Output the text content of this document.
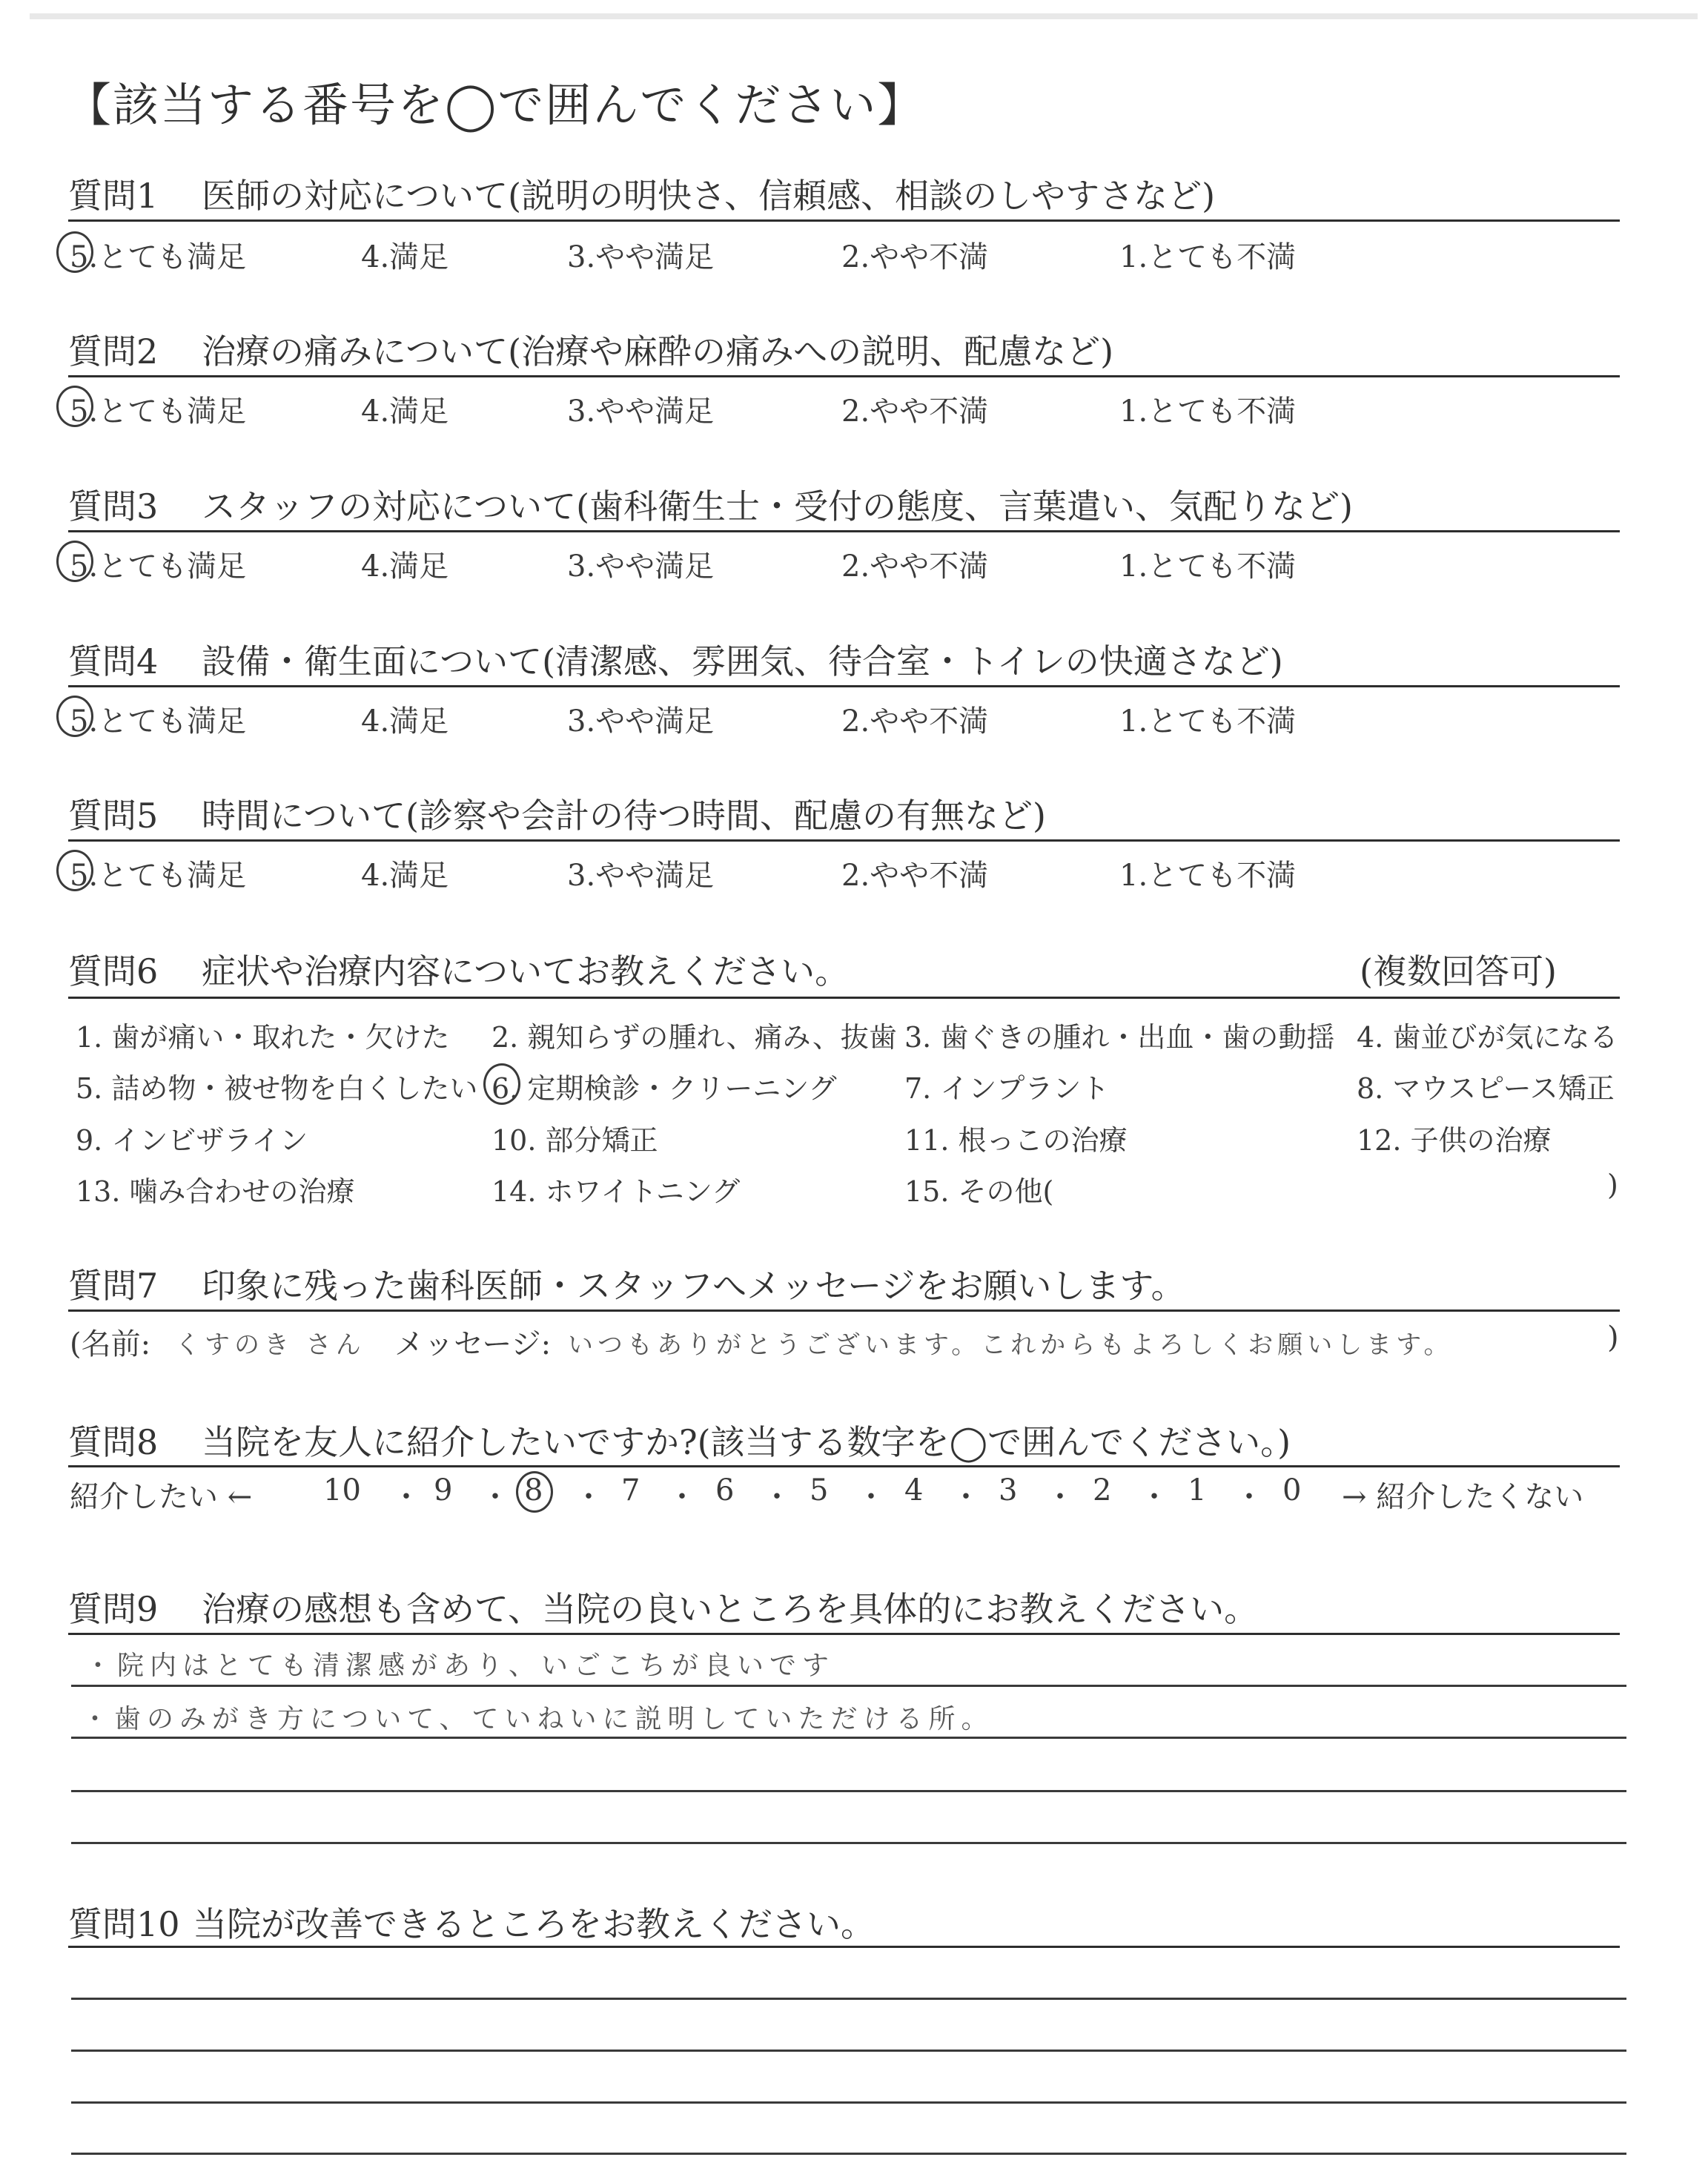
【該当する番号を◯で囲んでください】
質問1 医師の対応について(説明の明快さ、信頼感、相談のしやすさなど)
5.とても満足	4.満足	3.やや満足	2.やや不満	1.とても不満
質問2 治療の痛みについて(治療や麻酔の痛みへの説明、配慮など)
5.とても満足	4.満足	3.やや満足	2.やや不満	1.とても不満
質問3 スタッフの対応について(歯科衛生士・受付の態度、言葉遣い、気配りなど)
5.とても満足	4.満足	3.やや満足	2.やや不満	1.とても不満
質問4 設備・衛生面について(清潔感、雰囲気、待合室・トイレの快適さなど)
5.とても満足	4.満足	3.やや満足	2.やや不満	1.とても不満
質問5 時間について(診察や会計の待つ時間、配慮の有無など)
5.とても満足	4.満足	3.やや満足	2.やや不満	1.とても不満
質問6 症状や治療内容についてお教えください。	(複数回答可)
1. 歯が痛い・取れた・欠けた 2. 親知らずの腫れ、痛み、抜歯 3. 歯ぐきの腫れ・出血・歯の動揺 4. 歯並びが気になる
5. 詰め物・被せ物を白くしたい 6. 定期検診・クリーニング 7. インプラント	8. マウスピース矯正
9. インビザライン	10. 部分矯正	11. 根っこの治療	12. 子供の治療
13. 噛み合わせの治療	14. ホワイトニング	15. その他(	)
質問7 印象に残った歯科医師・スタッフへメッセージをお願いします。
(名前: くすのき さん メッセージ: いつもありがとうございます。これからもよろしくお願いします。	)
質問8 当院を友人に紹介したいですか?(該当する数字を◯で囲んでください。)
紹介したい ← 10 ・ 9 ・ 8 ・ 7 ・ 6 ・ 5 ・ 4 ・ 3 ・ 2 ・ 1 ・ 0 → 紹介したくない
質問9 治療の感想も含めて、当院の良いところを具体的にお教えください。
・院内はとても清潔感があり、いごこちが良いです
・歯のみがき方について、ていねいに説明していただける所。
質問10 当院が改善できるところをお教えください。
